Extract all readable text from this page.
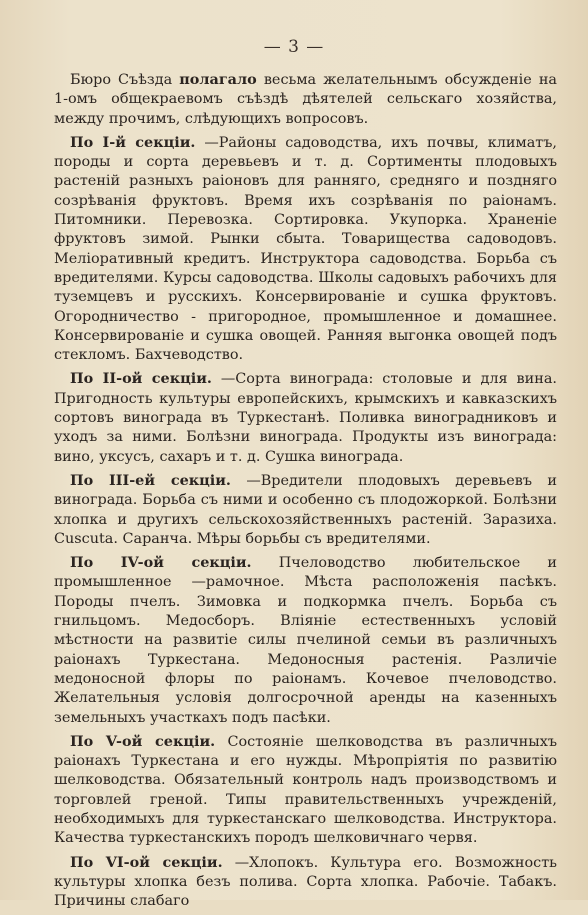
— 3 —

Бюро Съѣзда полагало весьма желательнымъ обсужденіе на 1-омъ общекраевомъ съѣздѣ дѣятелей сельскаго хозяйства, между прочимъ, слѣдующихъ вопросовъ.

По I-й секціи. —Районы садоводства, ихъ почвы, климатъ, породы и сорта деревьевъ и т. д. Сортименты плодовыхъ растеній разныхъ раіоновъ для ранняго, средняго и поздняго созрѣванія фруктовъ. Время ихъ созрѣванія по раіонамъ. Питомники. Перевозка. Сортировка. Укупорка. Храненіе фруктовъ зимой. Рынки сбыта. Товарищества садоводовъ. Меліоративный кредитъ. Инструктора садоводства. Борьба съ вредителями. Курсы садоводства. Школы садовыхъ рабочихъ для туземцевъ и русскихъ. Консервированіе и сушка фруктовъ. Огородничество - пригородное, промышленное и домашнее. Консервированіе и сушка овощей. Ранняя выгонка овощей подъ стекломъ. Бахчеводство.

По II-ой секціи. —Сорта винограда: столовые и для вина. Пригодность культуры европейскихъ, крымскихъ и кавказскихъ сортовъ винограда въ Туркестанѣ. Поливка виноградниковъ и уходъ за ними. Болѣзни винограда. Продукты изъ винограда: вино, уксусъ, сахаръ и т. д. Сушка винограда.

По III-ей секціи. —Вредители плодовыхъ деревьевъ и винограда. Борьба съ ними и особенно съ плодожоркой. Болѣзни хлопка и другихъ сельскохозяйственныхъ растеній. Заразиха. Cuscuta. Саранча. Мѣры борьбы съ вредителями.

По IV-ой секціи. Пчеловодство любительское и промышленное —рамочное. Мѣста расположенія пасѣкъ. Породы пчелъ. Зимовка и подкормка пчелъ. Борьба съ гнильцомъ. Медосборъ. Вліяніе естественныхъ условій мѣстности на развитіе силы пчелиной семьи въ различныхъ раіонахъ Туркестана. Медоносныя растенія. Различіе медоносной флоры по раіонамъ. Кочевое пчеловодство. Желательныя условія долгосрочной аренды на казенныхъ земельныхъ участкахъ подъ пасѣки.

По V-ой секціи. Состояніе шелководства въ различныхъ раіонахъ Туркестана и его нужды. Мѣропріятія по развитію шелководства. Обязательный контроль надъ производствомъ и торговлей греной. Типы правительственныхъ учрежденій, необходимыхъ для туркестанскаго шелководства. Инструктора. Качества туркестанскихъ породъ шелковичнаго червя.

По VI-ой секціи. —Хлопокъ. Культура его. Возможность культуры хлопка безъ полива. Сорта хлопка. Рабочіе. Табакъ. Причины слабаго
